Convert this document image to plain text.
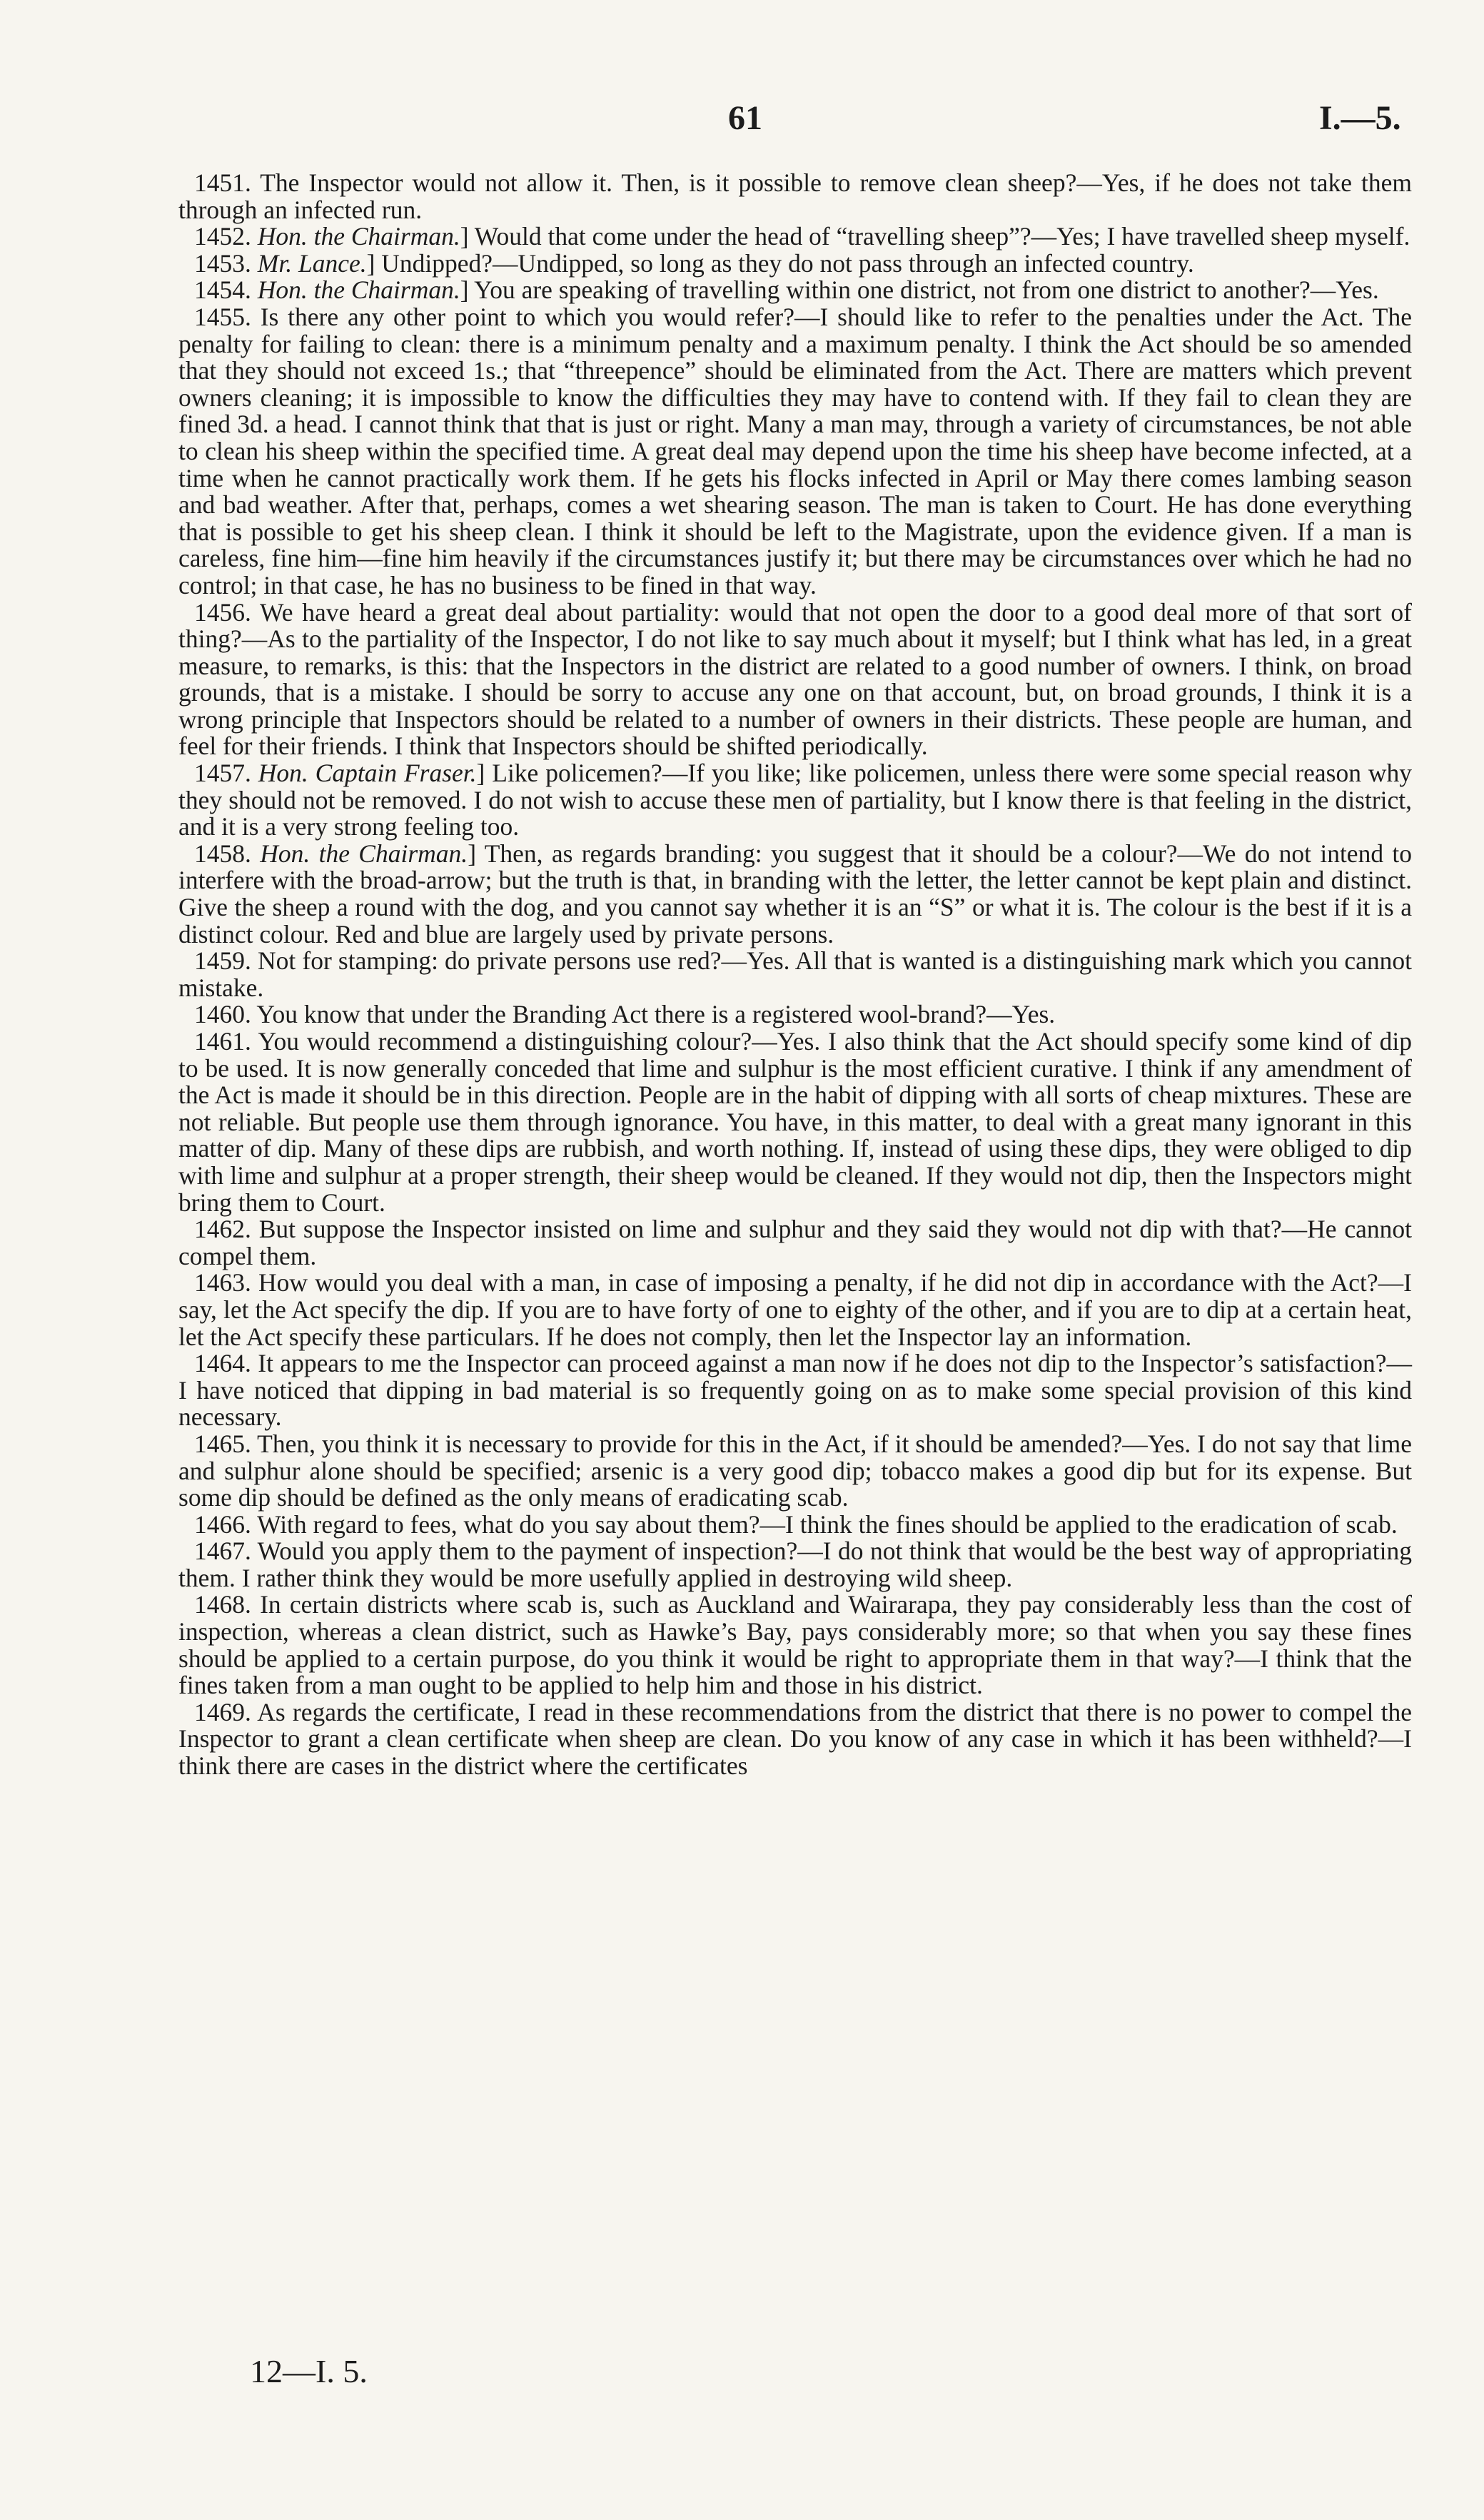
61	I.—5.

1451. The Inspector would not allow it. Then, is it possible to remove clean sheep?—Yes, if he does not take them through an infected run.

1452. Hon. the Chairman.] Would that come under the head of “travelling sheep”?—Yes; I have travelled sheep myself.

1453. Mr. Lance.] Undipped?—Undipped, so long as they do not pass through an infected country.

1454. Hon. the Chairman.] You are speaking of travelling within one district, not from one district to another?—Yes.

1455. Is there any other point to which you would refer?—I should like to refer to the penalties under the Act. The penalty for failing to clean: there is a minimum penalty and a maximum penalty. I think the Act should be so amended that they should not exceed 1s.; that “threepence” should be eliminated from the Act. There are matters which prevent owners cleaning; it is impossible to know the difficulties they may have to contend with. If they fail to clean they are fined 3d. a head. I cannot think that that is just or right. Many a man may, through a variety of circumstances, be not able to clean his sheep within the specified time. A great deal may depend upon the time his sheep have become infected, at a time when he cannot practically work them. If he gets his flocks infected in April or May there comes lambing season and bad weather. After that, perhaps, comes a wet shearing season. The man is taken to Court. He has done everything that is possible to get his sheep clean. I think it should be left to the Magistrate, upon the evidence given. If a man is careless, fine him—fine him heavily if the circumstances justify it; but there may be circumstances over which he had no control; in that case, he has no business to be fined in that way.

1456. We have heard a great deal about partiality: would that not open the door to a good deal more of that sort of thing?—As to the partiality of the Inspector, I do not like to say much about it myself; but I think what has led, in a great measure, to remarks, is this: that the Inspectors in the district are related to a good number of owners. I think, on broad grounds, that is a mistake. I should be sorry to accuse any one on that account, but, on broad grounds, I think it is a wrong principle that Inspectors should be related to a number of owners in their districts. These people are human, and feel for their friends. I think that Inspectors should be shifted periodically.

1457. Hon. Captain Fraser.] Like policemen?—If you like; like policemen, unless there were some special reason why they should not be removed. I do not wish to accuse these men of partiality, but I know there is that feeling in the district, and it is a very strong feeling too.

1458. Hon. the Chairman.] Then, as regards branding: you suggest that it should be a colour?—We do not intend to interfere with the broad-arrow; but the truth is that, in branding with the letter, the letter cannot be kept plain and distinct. Give the sheep a round with the dog, and you cannot say whether it is an “S” or what it is. The colour is the best if it is a distinct colour. Red and blue are largely used by private persons.

1459. Not for stamping: do private persons use red?—Yes. All that is wanted is a distinguishing mark which you cannot mistake.

1460. You know that under the Branding Act there is a registered wool-brand?—Yes.

1461. You would recommend a distinguishing colour?—Yes. I also think that the Act should specify some kind of dip to be used. It is now generally conceded that lime and sulphur is the most efficient curative. I think if any amendment of the Act is made it should be in this direction. People are in the habit of dipping with all sorts of cheap mixtures. These are not reliable. But people use them through ignorance. You have, in this matter, to deal with a great many ignorant in this matter of dip. Many of these dips are rubbish, and worth nothing. If, instead of using these dips, they were obliged to dip with lime and sulphur at a proper strength, their sheep would be cleaned. If they would not dip, then the Inspectors might bring them to Court.

1462. But suppose the Inspector insisted on lime and sulphur and they said they would not dip with that?—He cannot compel them.

1463. How would you deal with a man, in case of imposing a penalty, if he did not dip in accordance with the Act?—I say, let the Act specify the dip. If you are to have forty of one to eighty of the other, and if you are to dip at a certain heat, let the Act specify these particulars. If he does not comply, then let the Inspector lay an information.

1464. It appears to me the Inspector can proceed against a man now if he does not dip to the Inspector’s satisfaction?—I have noticed that dipping in bad material is so frequently going on as to make some special provision of this kind necessary.

1465. Then, you think it is necessary to provide for this in the Act, if it should be amended?—Yes. I do not say that lime and sulphur alone should be specified; arsenic is a very good dip; tobacco makes a good dip but for its expense. But some dip should be defined as the only means of eradicating scab.

1466. With regard to fees, what do you say about them?—I think the fines should be applied to the eradication of scab.

1467. Would you apply them to the payment of inspection?—I do not think that would be the best way of appropriating them. I rather think they would be more usefully applied in destroying wild sheep.

1468. In certain districts where scab is, such as Auckland and Wairarapa, they pay considerably less than the cost of inspection, whereas a clean district, such as Hawke’s Bay, pays considerably more; so that when you say these fines should be applied to a certain purpose, do you think it would be right to appropriate them in that way?—I think that the fines taken from a man ought to be applied to help him and those in his district.

1469. As regards the certificate, I read in these recommendations from the district that there is no power to compel the Inspector to grant a clean certificate when sheep are clean. Do you know of any case in which it has been withheld?—I think there are cases in the district where the certificates

12—I. 5.
